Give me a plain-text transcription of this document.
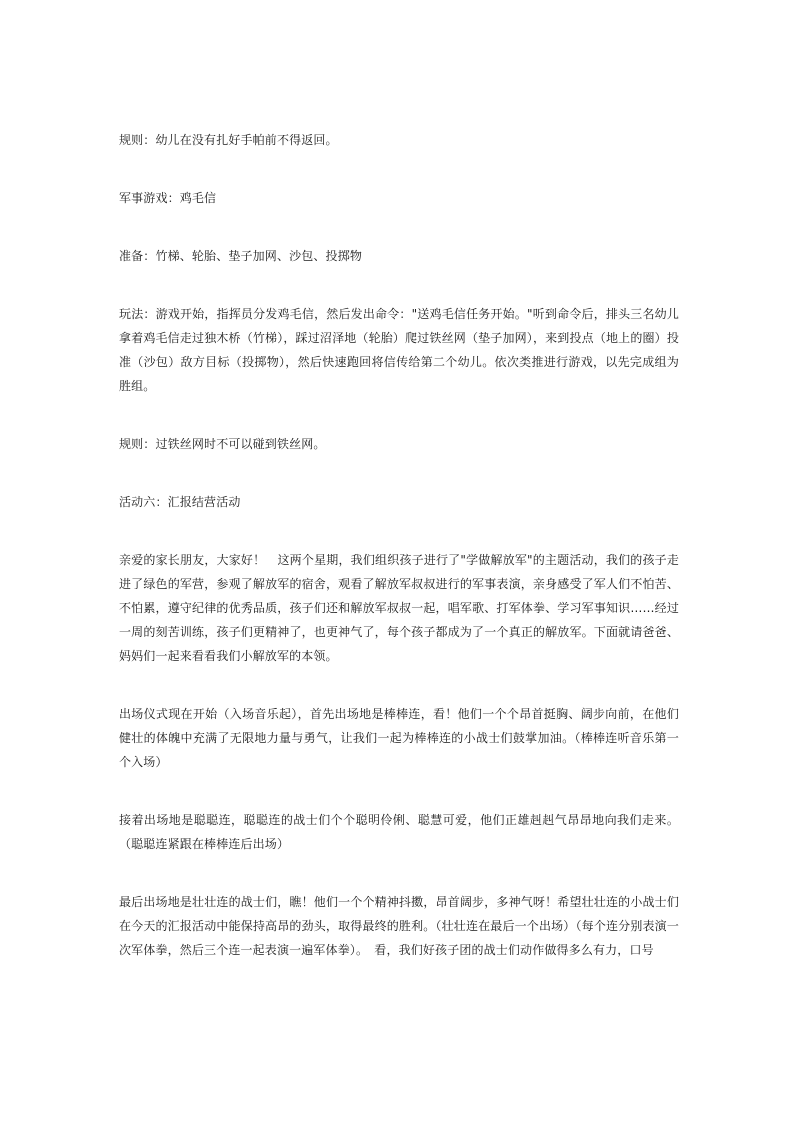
规则：幼儿在没有扎好手帕前不得返回。

军事游戏：鸡毛信

准备：竹梯、轮胎、垫子加网、沙包、投掷物

玩法：游戏开始，指挥员分发鸡毛信，然后发出命令："送鸡毛信任务开始。"听到命令后，排头三名幼儿拿着鸡毛信走过独木桥（竹梯），踩过沼泽地（轮胎）爬过铁丝网（垫子加网），来到投点（地上的圈）投准（沙包）敌方目标（投掷物），然后快速跑回将信传给第二个幼儿。依次类推进行游戏，以先完成组为胜组。

规则：过铁丝网时不可以碰到铁丝网。

活动六：汇报结营活动

亲爱的家长朋友，大家好！　这两个星期，我们组织孩子进行了"学做解放军"的主题活动，我们的孩子走进了绿色的军营，参观了解放军的宿舍，观看了解放军叔叔进行的军事表演，亲身感受了军人们不怕苦、不怕累，遵守纪律的优秀品质，孩子们还和解放军叔叔一起，唱军歌、打军体拳、学习军事知识……经过一周的刻苦训练，孩子们更精神了，也更神气了，每个孩子都成为了一个真正的解放军。下面就请爸爸、妈妈们一起来看看我们小解放军的本领。

出场仪式现在开始（入场音乐起），首先出场地是棒棒连，看！他们一个个昂首挺胸、阔步向前，在他们健壮的体魄中充满了无限地力量与勇气，让我们一起为棒棒连的小战士们鼓掌加油。（棒棒连听音乐第一个入场）

接着出场地是聪聪连，聪聪连的战士们个个聪明伶俐、聪慧可爱，他们正雄赳赳气昂昂地向我们走来。（聪聪连紧跟在棒棒连后出场）

最后出场地是壮壮连的战士们，瞧！他们一个个精神抖擞，昂首阔步，多神气呀！希望壮壮连的小战士们在今天的汇报活动中能保持高昂的劲头，取得最终的胜利。（壮壮连在最后一个出场）（每个连分别表演一次军体拳，然后三个连一起表演一遍军体拳）。　看，我们好孩子团的战士们动作做得多么有力，口号
